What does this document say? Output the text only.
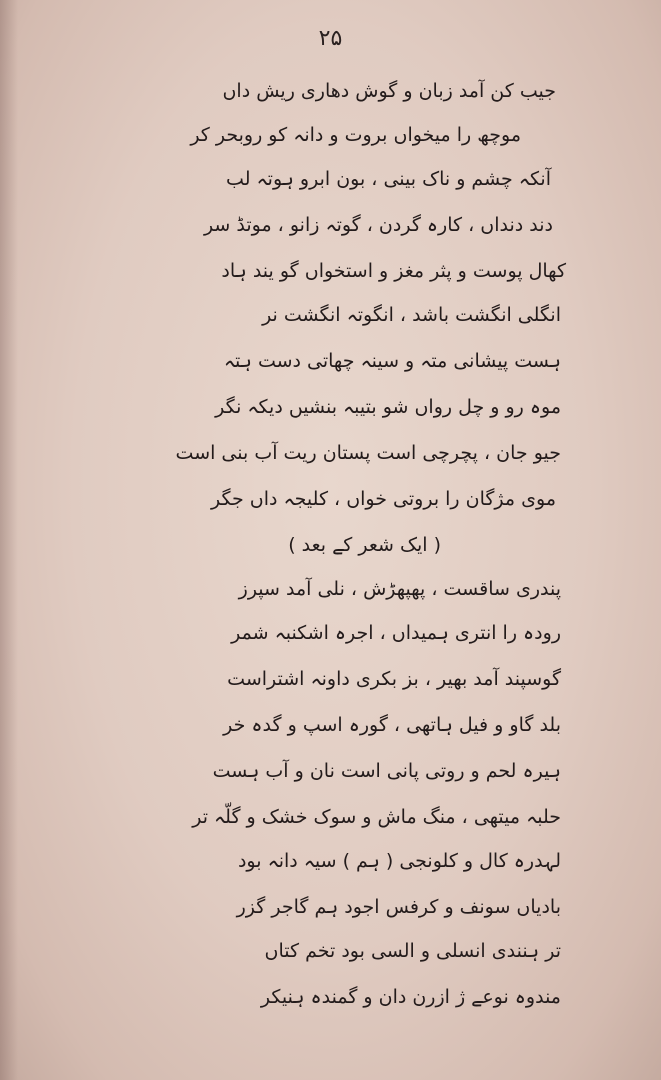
۲۵
جیب کن آمد زبان و گوش دھاری ریش داں
موچھ را میخواں بروت و دانہ کو روبحر کر
آنکہ چشم و ناک بینی ، بون ابرو ہوتہ لب
دند دنداں ، کارہ گردن ، گوتہ زانو ، موتڈ سر
کھال پوست و پثر مغز و استخواں گو یند ہاد
انگلی انگشت باشد ، انگوتہ انگشت نر
ہست پیشانی متہ و سینہ چھاتی دست ہتہ
موہ رو و چل رواں شو بتیبہ بنشیں دیکہ نگر
جیو جان ، پچرچی است پستان ریت آب بنی است
موی مژگان را بروتی خواں ، کلیجہ داں جگر
( ایک شعر کے بعد )
پندری ساقست ، پھپھڑش ، نلی آمد سپرز
رودہ را انتری ہمیداں ، اجرہ اشکنبہ شمر
گوسپند آمد بھیر ، بز بکری داونہ اشتراست
بلد گاو و فیل ہاتھی ، گورہ اسپ و گدہ خر
ہیرہ لحم و روتی پانی است نان و آب ہست
حلبہ میتھی ، منگ ماش و سوک خشک و گلّہ تر
لہدرہ کال و کلونجی ( ہم ) سیہ دانہ بود
بادیاں سونف و کرفس اجود ہم گاجر گزر
تر ہنندی انسلی و السی بود تخم کتاں
مندوہ نوعے ژ ازرن دان و گمندہ ہنیکر
